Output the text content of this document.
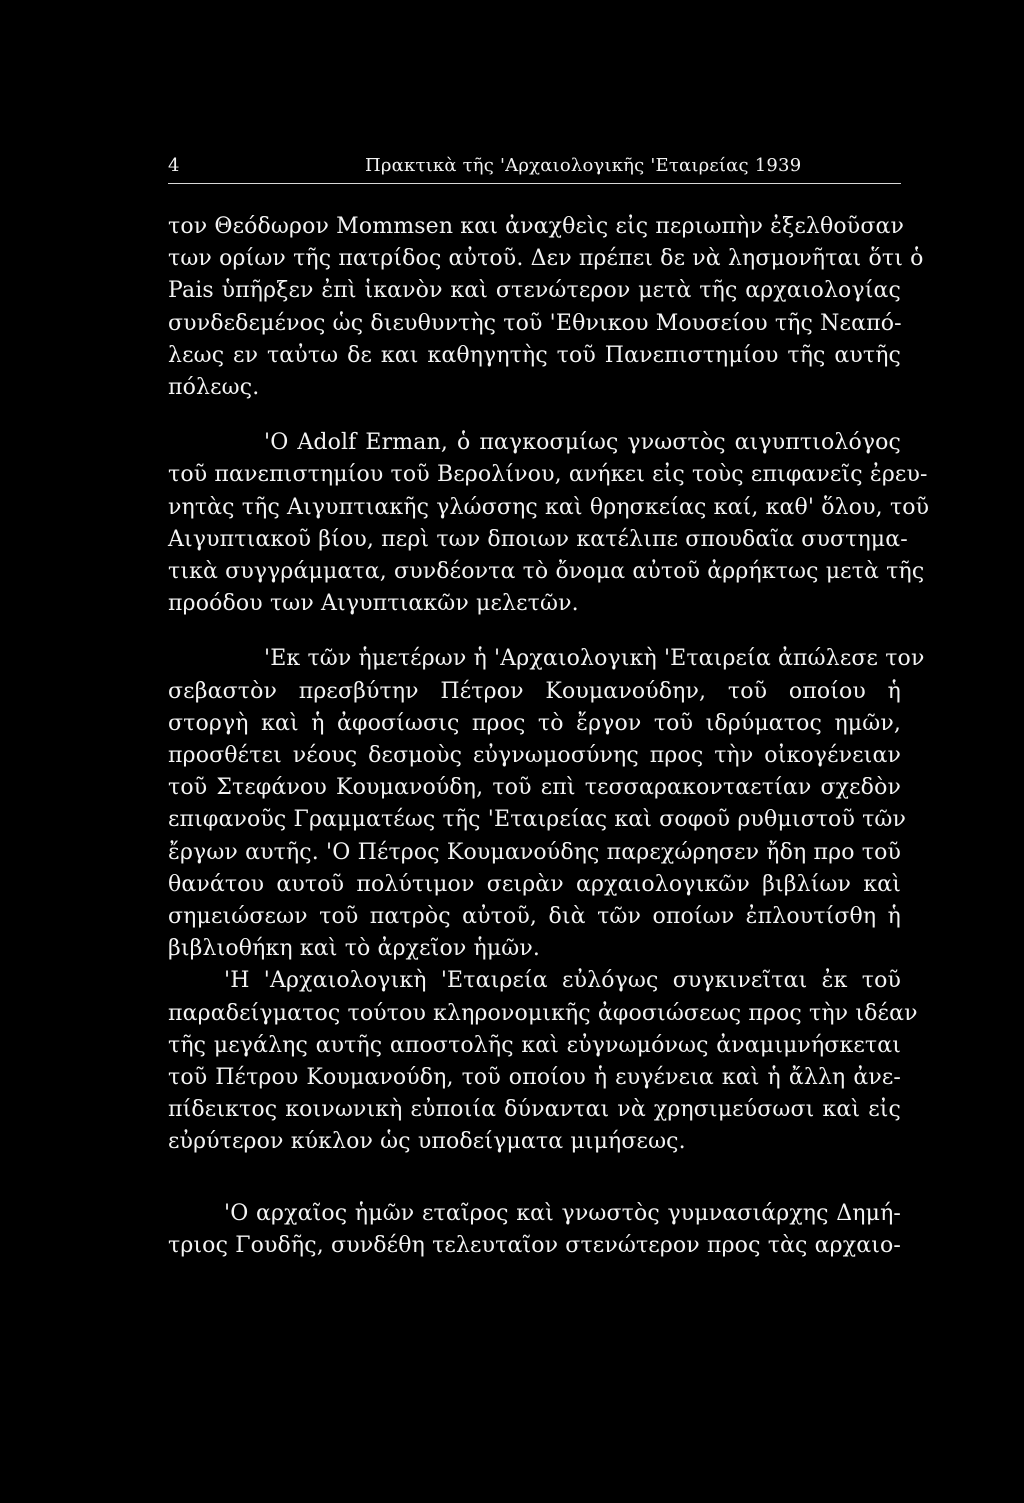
4	Πρακτικὰ τῆς 'Αρχαιολογικῆς 'Εταιρείας 1939

τον Θεόδωρον Mommsen και ἀναχθεὶς εἰς περιωπὴν ἐξελθοῦσαν
των ορίων τῆς πατρίδος αὐτοῦ. Δεν πρέπει δε νὰ λησμονῆται ὅτι ὁ
Pais ὑπῆρξεν ἐπὶ ἱκανὸν καὶ στενώτερον μετὰ τῆς αρχαιολογίας
συνδεδεμένος ὡς διευθυντὴς τοῦ 'Εθνικου Μουσείου τῆς Νεαπό-
λεως εν ταὐτω δε και καθηγητὴς τοῦ Πανεπιστημίου τῆς αυτῆς
πόλεως.

'Ο Adolf Erman, ὁ παγκοσμίως γνωστὸς αιγυπτιολόγος
τοῦ πανεπιστημίου τοῦ Βερολίνου, ανήκει εἰς τοὺς επιφανεῖς ἐρευ-
νητὰς τῆς Αιγυπτιακῆς γλώσσης καὶ θρησκείας καί, καθ' ὅλου, τοῦ
Αιγυπτιακοῦ βίου, περὶ των δποιων κατέλιπε σπουδαῖα συστημα-
τικὰ συγγράμματα, συνδέοντα τὸ ὄνομα αὐτοῦ ἀρρήκτως μετὰ τῆς
προόδου των Αιγυπτιακῶν μελετῶν.

'Εκ τῶν ἡμετέρων ἡ 'Αρχαιολογικὴ 'Εταιρεία ἀπώλεσε τον
σεβαστὸν πρεσβύτην Πέτρον Κουμανούδην, τοῦ οποίου ἡ
στοργὴ καὶ ἡ ἀφοσίωσις προς τὸ ἔργον τοῦ ιδρύματος ημῶν,
προσθέτει νέους δεσμοὺς εὐγνωμοσύνης προς τὴν οἰκογένειαν
τοῦ Στεφάνου Κουμανούδη, τοῦ επὶ τεσσαρακονταετίαν σχεδὸν
επιφανοῦς Γραμματέως τῆς 'Εταιρείας καὶ σοφοῦ ρυθμιστοῦ τῶν
ἔργων αυτῆς. 'Ο Πέτρος Κουμανούδης παρεχώρησεν ἤδη προ τοῦ
θανάτου αυτοῦ πολύτιμον σειρὰν αρχαιολογικῶν βιβλίων καὶ
σημειώσεων τοῦ πατρὸς αὐτοῦ, διὰ τῶν οποίων ἐπλουτίσθη ἡ
βιβλιοθήκη καὶ τὸ ἀρχεῖον ἡμῶν.

'Η 'Αρχαιολογικὴ 'Εταιρεία εὐλόγως συγκινεῖται ἐκ τοῦ
παραδείγματος τούτου κληρονομικῆς ἀφοσιώσεως προς τὴν ιδέαν
τῆς μεγάλης αυτῆς αποστολῆς καὶ εὐγνωμόνως ἀναμιμνήσκεται
τοῦ Πέτρου Κουμανούδη, τοῦ οποίου ἡ ευγένεια καὶ ἡ ἄλλη ἀνε-
πίδεικτος κοινωνικὴ εὐποιία δύνανται νὰ χρησιμεύσωσι καὶ εἰς
εὐρύτερον κύκλον ὡς υποδείγματα μιμήσεως.

'Ο αρχαῖος ἡμῶν εταῖρος καὶ γνωστὸς γυμνασιάρχης Δημή-
τριος Γουδῆς, συνδέθη τελευταῖον στενώτερον προς τὰς αρχαιο-
